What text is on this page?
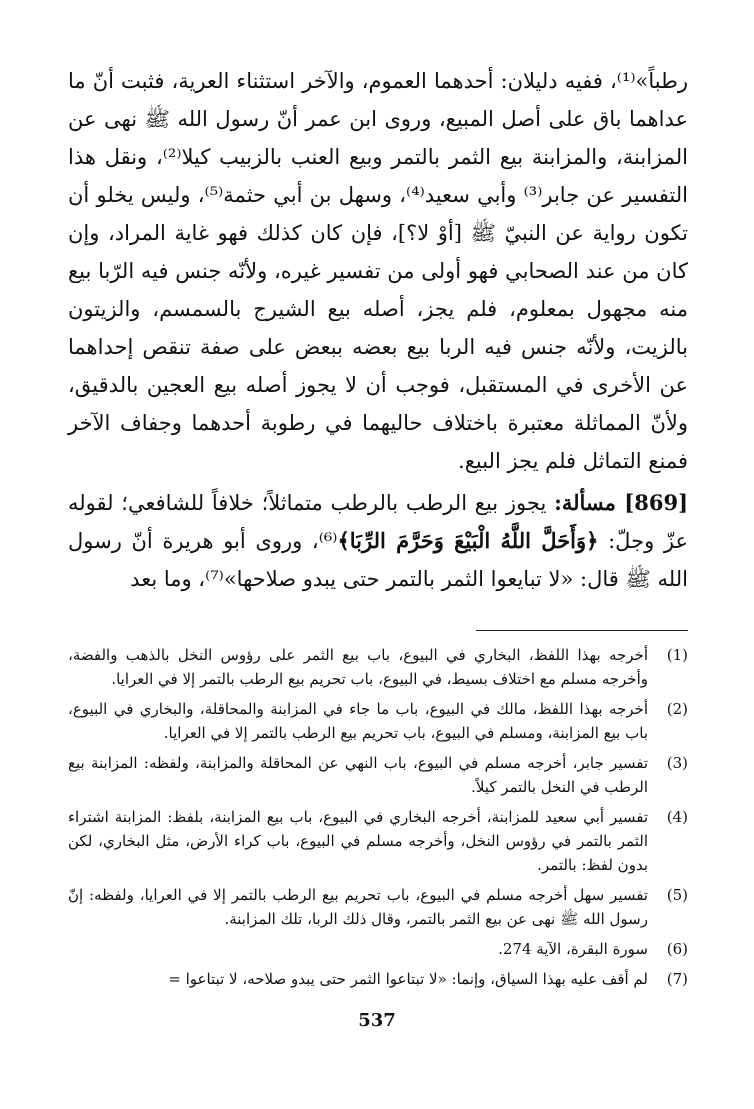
رطباً»⁽¹⁾، ففيه دليلان: أحدهما العموم، والآخر استثناء العرية، فثبت أنّ ما عداهما باق على أصل المبيع، وروى ابن عمر أنّ رسول الله ﷺ نهى عن المزابنة، والمزابنة بيع الثمر بالتمر وبيع العنب بالزبيب كيلا⁽²⁾، ونقل هذا التفسير عن جابر⁽³⁾ وأبي سعيد⁽⁴⁾، وسهل بن أبي حثمة⁽⁵⁾، وليس يخلو أن تكون رواية عن النبيّ ﷺ [أوْ لا؟]، فإن كان كذلك فهو غاية المراد، وإن كان من عند الصحابي فهو أولى من تفسير غيره، ولأنّه جنس فيه الرّبا بيع منه مجهول بمعلوم، فلم يجز، أصله بيع الشيرج بالسمسم، والزيتون بالزيت، ولأنّه جنس فيه الربا بيع بعضه ببعض على صفة تنقص إحداهما عن الأخرى في المستقبل، فوجب أن لا يجوز أصله بيع العجين بالدقيق، ولأنّ المماثلة معتبرة باختلاف حاليهما في رطوبة أحدهما وجفاف الآخر فمنع التماثل فلم يجز البيع.

[869] مسألة: يجوز بيع الرطب بالرطب متماثلاً؛ خلافاً للشافعي؛ لقوله عزّ وجلّ: ﴿وَأَحَلَّ اللَّهُ الْبَيْعَ وَحَرَّمَ الرِّبَا﴾⁽⁶⁾، وروى أبو هريرة أنّ رسول الله ﷺ قال: «لا تبايعوا الثمر بالتمر حتى يبدو صلاحها»⁽⁷⁾، وما بعد

(1)
أخرجه بهذا اللفظ، البخاري في البيوع، باب بيع الثمر على رؤوس النخل بالذهب والفضة، وأخرجه مسلم مع اختلاف بسيط، في البيوع، باب تحريم بيع الرطب بالتمر إلا في العرايا.
(2)
أخرجه بهذا اللفظ، مالك في البيوع، باب ما جاء في المزابنة والمحاقلة، والبخاري في البيوع، باب بيع المزابنة، ومسلم في البيوع، باب تحريم بيع الرطب بالتمر إلا في العرايا.
(3)
تفسير جابر، أخرجه مسلم في البيوع، باب النهي عن المحاقلة والمزابنة، ولفظه: المزابنة بيع الرطب في النخل بالتمر كيلاً.
(4)
تفسير أبي سعيد للمزابنة، أخرجه البخاري في البيوع، باب بيع المزابنة، بلفظ: المزابنة اشتراء الثمر بالتمر في رؤوس النخل، وأخرجه مسلم في البيوع، باب كراء الأرض، مثل البخاري، لكن بدون لفظ: بالتمر.
(5)
تفسير سهل أخرجه مسلم في البيوع، باب تحريم بيع الرطب بالتمر إلا في العرايا، ولفظه: إنّ رسول الله ﷺ نهى عن بيع الثمر بالتمر، وقال ذلك الربا، تلك المزابنة.
(6)
سورة البقرة، الآية 274.
(7)
لم أقف عليه بهذا السياق، وإنما: «لا تبتاعوا الثمر حتى يبدو صلاحه، لا تبتاعوا =
537
